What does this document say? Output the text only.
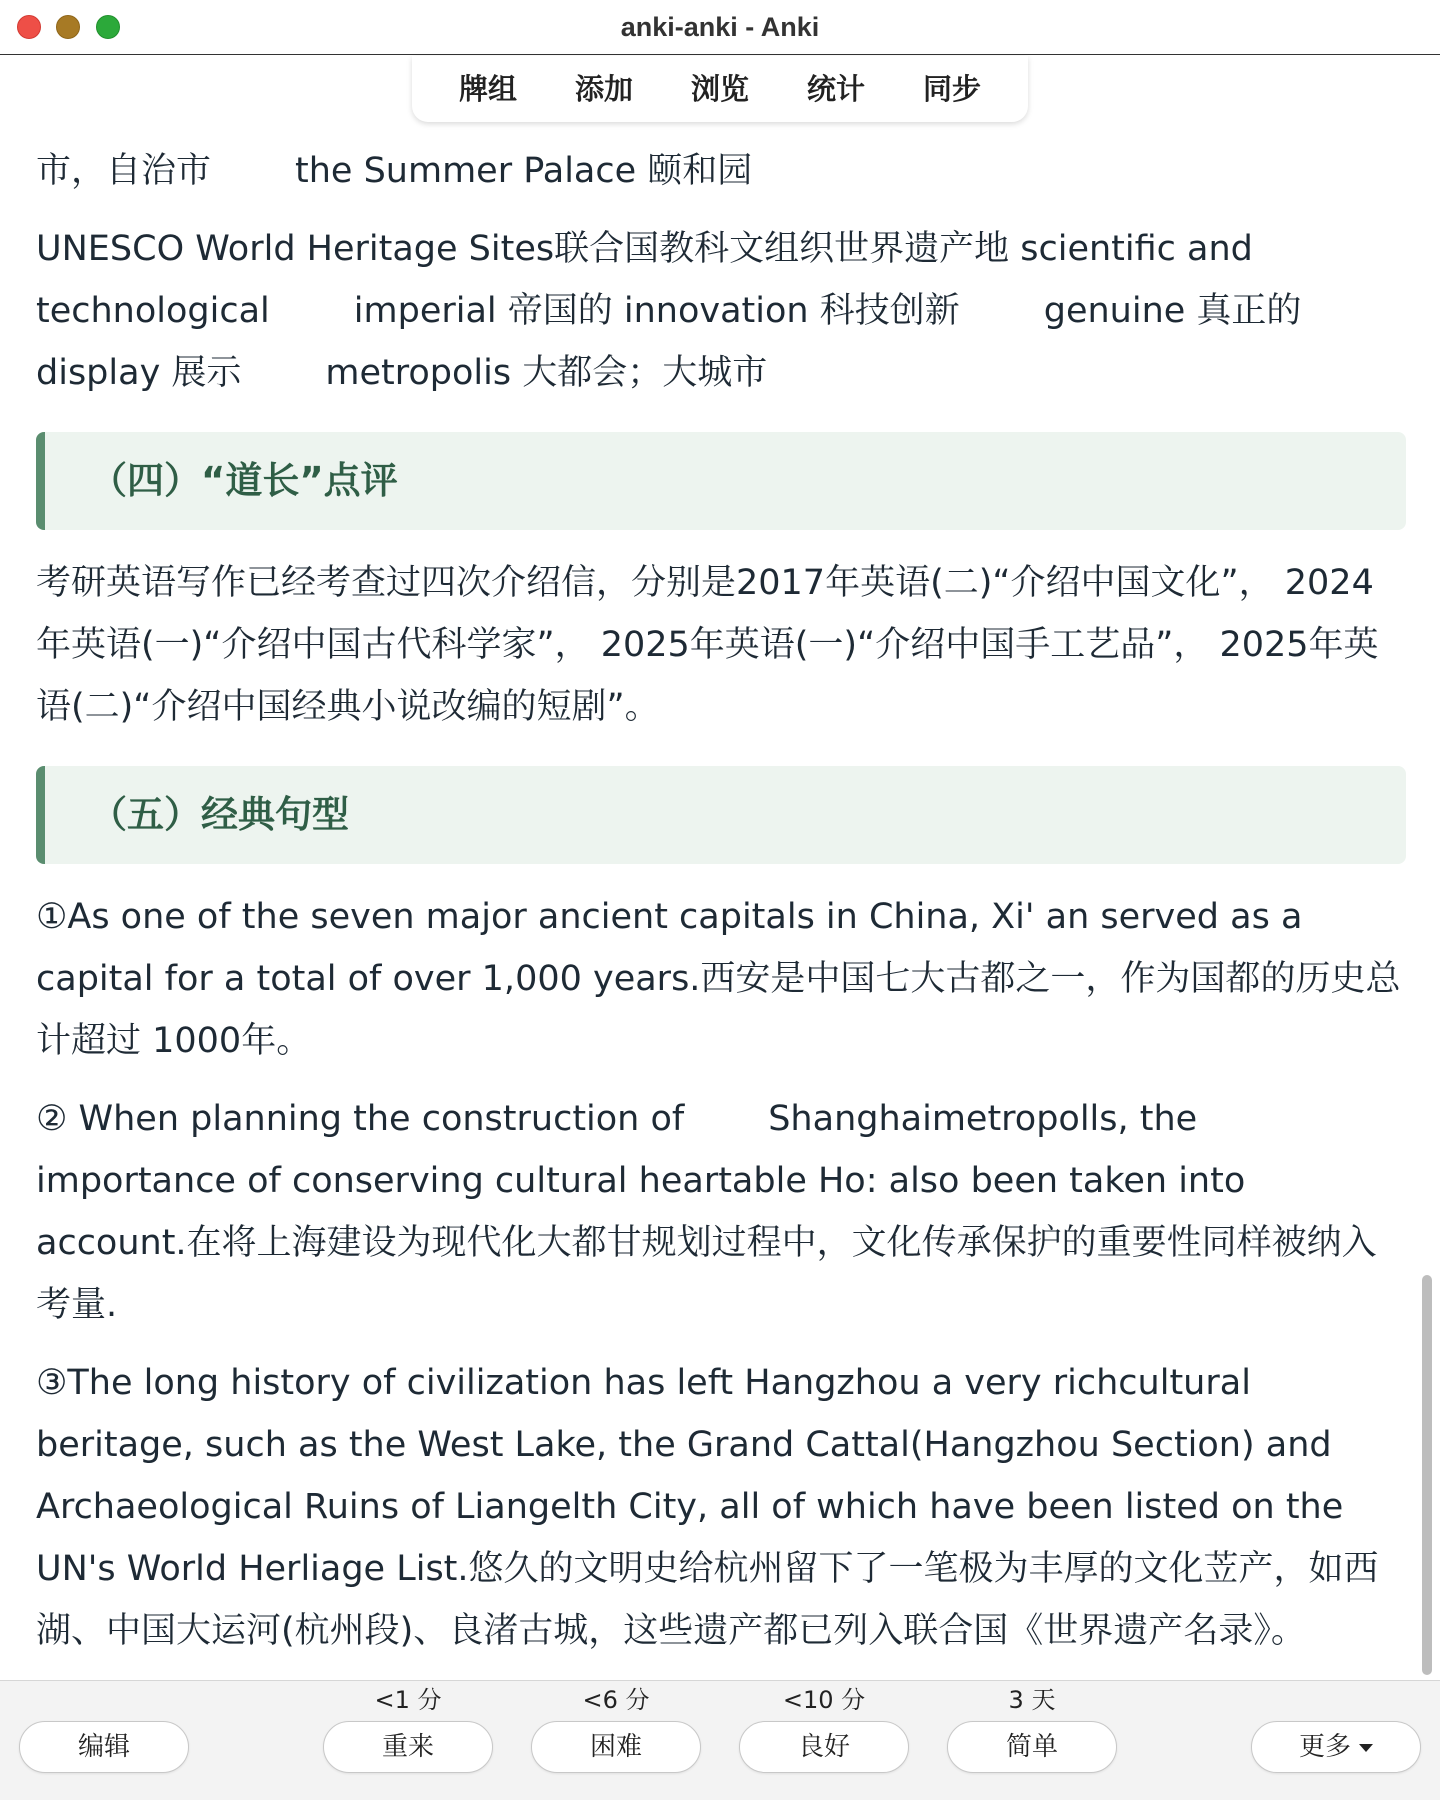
anki-anki - Anki
牌组	添加	浏览	统计	同步

市，自治市 the Summer Palace 颐和园

UNESCO World Heritage Sites联合国教科文组织世界遗产地 scientific and technological imperial 帝国的 innovation 科技创新 genuine 真正的 display 展示 metropolis 大都会；大城市

（四）“道长”点评

考研英语写作已经考查过四次介绍信，分别是2017年英语(二)“介绍中国文化”， 2024年英语(一)“介绍中国古代科学家”， 2025年英语(一)“介绍中国手工艺品”， 2025年英语(二)“介绍中国经典小说改编的短剧”。

（五）经典句型

①As one of the seven major ancient capitals in China, Xi' an served as a capital for a total of over 1,000 years.西安是中国七大古都之一，作为国都的历史总计超过 1000年。

② When planning the construction of Shanghaimetropolls, the importance of conserving cultural heartable Ho: also been taken into account.在将上海建设为现代化大都甘规划过程中，文化传承保护的重要性同样被纳入考量.

③The long history of civilization has left Hangzhou a very richcultural beritage, such as the West Lake, the Grand Cattal(Hangzhou Section) and Archaeological Ruins of Liangelth City, all of which have been listed on the UN's World Herliage List.悠久的文明史给杭州留下了一笔极为丰厚的文化苙产，如西湖、中国大运河(杭州段)、良渚古城，这些遗产都已列入联合国《世界遗产名录》。

编辑
<1 分
重来
<6 分
困难
<10 分
良好
3 天
简单	更多
